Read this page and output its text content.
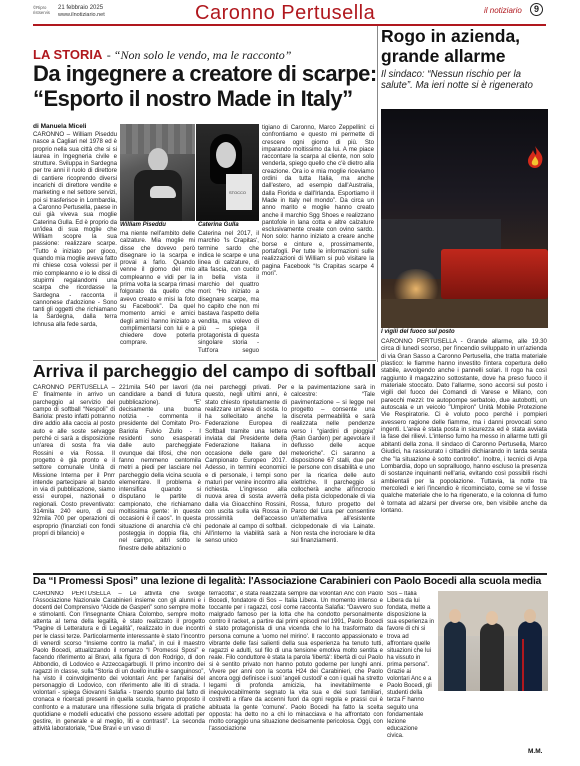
©Ripro ristservis
21 febbraio 2025
www.ilnotiziario.net	Caronno Pertusella	il notiziario	9
LA STORIA - “Non solo le vendo, ma le racconto”
Da ingegnere a creatore di scarpe:
“Esporto il nostro Made in Italy”
di Manuela Miceli
CARONNO – William Piseddu nasce a Cagliari nel 1978 ed è proprio nella sua città che si si laurea in Ingegneria civile e strutture. Sviluppa in Sardegna per tre anni il ruolo di direttore di cantiere ricoprendo diversi incarichi di direttore vendite e marketing e nel settore servizi, poi si trasferisce in Lombardia, a Caronno Pertusella, paese in cui già viveva sua moglie Caterina Gulla. Ed è proprio da un'idea di sua moglie che William scopre la sua passione: realizzare scarpe. “Tutto è iniziato per gioco, quando mia moglie aveva fatto mi chiese cosa volessi per il mio compleanno e io le dissi di stupirmi regalandomi una scarpa che ricordasse la Sardegna - racconta il cannonese d'adozione - Sono tanti gli oggetti che richiamano la Sardegna, dalla terra lchnusa alla fede sarda,
William Piseddu
STOCCO
Caterina Gulla
ma niente nell'ambito delle calzature. Mia moglie mi disse che dovevo però disegnare io la scarpa e provai a farlo. Quando venne il giorno del mio compleanno e vidi per la prima volta la scarpa rimasi folgorato da quello che avevo creato e misi la foto su Facebook”. Da quel momento amici e amici degli amici hanno iniziato a complimentarsi con lui e a chiedere dove poterla comprare.
Caterina nel 2017, il marchio 'Is Crapitas', termine sardo che indica le scarpe e una linea di calzature, di alta fascia, con cucito in bella vista il marchio del quattro mori: “Ho iniziato a disegnare scarpe, ma ho capito che non mi bastava l'aspetto della vendita, ma volevo di più – spiega il protagonista di questa singolare storia - Tutt'ora seguo
tigiano di Caronno, Marco Zeppellini: ci confrontiamo e questo mi permette di crescere ogni giorno di più. Sto imparando moltissimo da lui. A me piace raccontare la scarpa al cliente, non solo venderla, spiego quello che c'è dietro alla creazione. Ora io e mia moglie riceviamo ordini da tutta Italia, ma anche dall'estero, ad esempio dall'Australia, dalla Florida e dall'Irlanda. Esportiamo il Made in Italy nel mondo”. Da circa un anno marito e moglie hanno creato anche il marchio Sgg Shoes e realizzano pantofole in lana cotta e altre calzature esclusivamente create con ovino sardo. Non solo: hanno iniziato a creare anche borse e cinture e, prossimamente, portafogli. Per tutte le informazioni sulle realizzazioni di William si può visitare la pagina Facebook “Is Crapitas scarpe 4 mori”.
Rogo in azienda, grande allarme
Il sindaco: “Nessun rischio per la salute”. Ma ieri notte si è rigenerato
I vigili del fuoco sul posto
CARONNO PERTUSELLA - Grande allarme, alle 19.30 circa di lunedì scorso, per l'incendio sviluppato in un'azienda di via Gran Sasso a Caronno Pertusella, che tratta materiale plastico: le fiamme hanno investito l'intera copertura dello stabile, avvolgendo anche i pannelli solari. Il rogo ha così raggiunto il magazzino sottostante, dove ha preso fuoco il materiale stoccato. Dato l'allarme, sono accorsi sul posto i vigili del fuoco dei Comandi di Varese e Milano, con parecchi mezzi: tre autopompe serbatoio, due autobotti, un autoscala e un veicolo "Umpiron" Unità Mobile Protezione Vie Respiratorie. Ci è voluto poco perché i pompieri avessero ragione delle fiamme, ma i danni provocati sono ingenti. L'area è stata posta in sicurezza ed è stata avviata la fase dei rilievi. L'intenso fumo ha messo in allarme tutti gli abitanti della zona. Il sindaco di Caronno Pertusella, Marco Giudici, ha rassicurato i cittadini dichiarando in tarda serata che "la situazione è sotto controllo". Inoltre, i tecnici di Arpa Lombardia, dopo un sopralluogo, hanno escluso la presenza di sostanze inquinanti nell'aria, evitando così possibili rischi ambientali per la popolazione. Tuttavia, la notte tra mercoledì e ieri l'incendio è ricominciato, come se vi fosse qualche materiale che lo ha rigenerato, e la colonna di fumo è tornata ad alzarsi per diverse ore, ben visibile anche da lontano.
Arriva il parcheggio del campo di softball
CARONNO PERTUSELLA – E' finalmente in arrivo un parcheggio al servizio del campo di softball “Nespoli” di Bariola: presto infatti potranno dire addio alla caccia al posto auto e alle soste selvagge perché ci sarà a disposizione un'area di sosta fra via Rossini e via Rossa. Il progetto è già pronto e il settore comunale Unità di Missione Interna per il Pnrr intende partecipare al bando in via di pubblicazione, siamo essi europei, nazionali o regionali. Costo preventivato: 314mila 240 euro, di cui 92mila 700 per operazioni di esproprio (finanziati con fondi propri di bilancio) e
221mila 540 per lavori (da candidare a bandi di futura pubblicazione). “E' decisamente una buona notizia - commenta il presidente del Comitato Pro-Bariola Fulvio Zullo - I residenti sono esasperati dalle auto parcheggiate ovunque dai tifosi, che non fanno nemmeno centomila metri a piedi per lasciare nel parcheggio della vicina scuola elementare. Il problema è intensifica quando si disputano le partite di campionato, che richiamano moltissima gente: in queste occasioni è il caos”. In questa situazione di anarchia c'è chi posteggia in doppia fila, chi nel campo, altri sotto le finestre delle abitazioni o
nei parcheggi privati. Per questo, negli ultimi anni, è stato chiesto ripetutamente di realizzare un'area di sosta. Io ha sollecitato anche la Federazione Europea di Softball tramite una lettera inviata dal Presidente della Federazione Italiana in occasione delle gare del Campionato Europeo 2017. Adesso, in termini economici e di personale, i tempi sono maturi per venire incontro alla richiesta. L'ingresso alla nuova area di sosta avverrà dalla via Gioacchino Rossini, con uscita sulla via Rossa in prossimità dell'accesso pedonale al campo di softball. All'interno la viabilità sarà a senso unico
e la pavimentazione sarà in calcestre: “Tale pavimentazione – si legge nel progetto – consente una discreta permeabilità e sarà realizzata nelle pendenze verso i “giardini di pioggia” (Rain Garden) per agevolare il deflusso delle acque meteoriche”. Ci saranno a disposizione 67 stalli, due per le persone con disabilità e uno per la ricarica delle auto elettriche. Il parcheggio si collocherà anche all'incrocio della pista ciclopedonale di via Rossa, futuro progetto del Parco del Lura per consentire un'alternativa all'esistente ciclopedonale di via Lainate. Non resta che incrociare le dita sui finanziamenti.
Da “I Promessi Sposi” una lezione di legalità: l'Associazione Carabinieri con Paolo Bocedi alla scuola media
CARONNO PERTUSELLA – Le attività che svolge l'Associazione Nazionale Carabinieri insieme con gli alunni e i docenti del Comprensivo “Alcide de Gasperi” sono sempre molte e stimolanti. Con l'insegnante Chiara Colombo, sempre molto attenta al tema della legalità, è stato realizzato il progetto “Pagine di Letteratura e di Legalità”, realizzato in due incontri per le classi terze. Particolarmente interessante è stato l'incontro di venerdì scorso “Insieme contro la mafia”, in cui il maestro Paolo Bocedi, attualizzando il romanzo “I Promessi Sposi” e facendo riferimento ai Bravi, alla figura di don Rodrigo, di don Abbondio, di Lodovico e Azzeccagarbugli. Il primo incontro dei ragazzi in classe, sulla “Storia di un duello inutile e sanguinoso”, ha visto il coinvolgimento dei volontari Anc per l'analisi del personaggio di Lodovico, con riferimento alle liti di strada. I volontari - spiega Giovanni Salafia - traendo spunto dal fatto di cronaca e ricercati presenti in quella scuola, hanno proposto il confronto e a maturare una riflessione sulla brigata di pratiche quotidiane e modelli educativi che possono essere adottati per gestire, in generale e al meglio, liti e contrasti”. La seconda attività laboratoriale, “Due Bravi e un vaso di
terracotta”, è stata realizzata sempre dai volontari Anc con Paolo Bocedi, fondatore di Sos – Italia Libera. Un momento intenso e toccante per i ragazzi, così come racconta Salafia: “Davvero suo malgrado famoso per la lotta che ha condotto personalmente contro il racket, a partire dai primi episodi nel 1991, Paolo Bocedi è stato protagonista di una vicenda che lo ha trasformato da persona comune a 'uomo nel mirino'. Il racconto appassionato e vibrante delle fasi salienti della sua esperienza ha tenuto tutti, ragazzi e adulti, sul filo di una tensione emotiva molto sentita e reale. Filo conduttore è stata la parola 'libertà': libertà di cui Paolo si è sentito privato non hanno potuto goderne per lunghi anni. Vivere per anni con la scorta H24 dei Carabinieri, che Paolo ancora oggi definisce i suoi 'angeli custodi' e con i quali ha stretto legami di profonda amicizia, ha inevitabilmente e inequivocabilmente segnato la vita sua e dei suoi familiari, costretti a rifare da accenni fuori da ogni regola e prassi cui è abituata la gente 'comune'. Paolo Bocedi ha fatto la scelta opposta: ha detto no a chi lo minacciava e ha affrontato con molto coraggio una situazione decisamente pericolosa. Oggi, con l'associazione
Sos – Italia Libera da lui fondata, mette a disposizione la sua esperienza in favore di chi si trova ad affrontare quelle situazioni che lui ha vissuto in prima persona”. Grazie ai volontari Anc e a Paolo Bocedi, gli studenti della terza F hanno seguito una fondamentale lezione educazione civica.
M.M.
